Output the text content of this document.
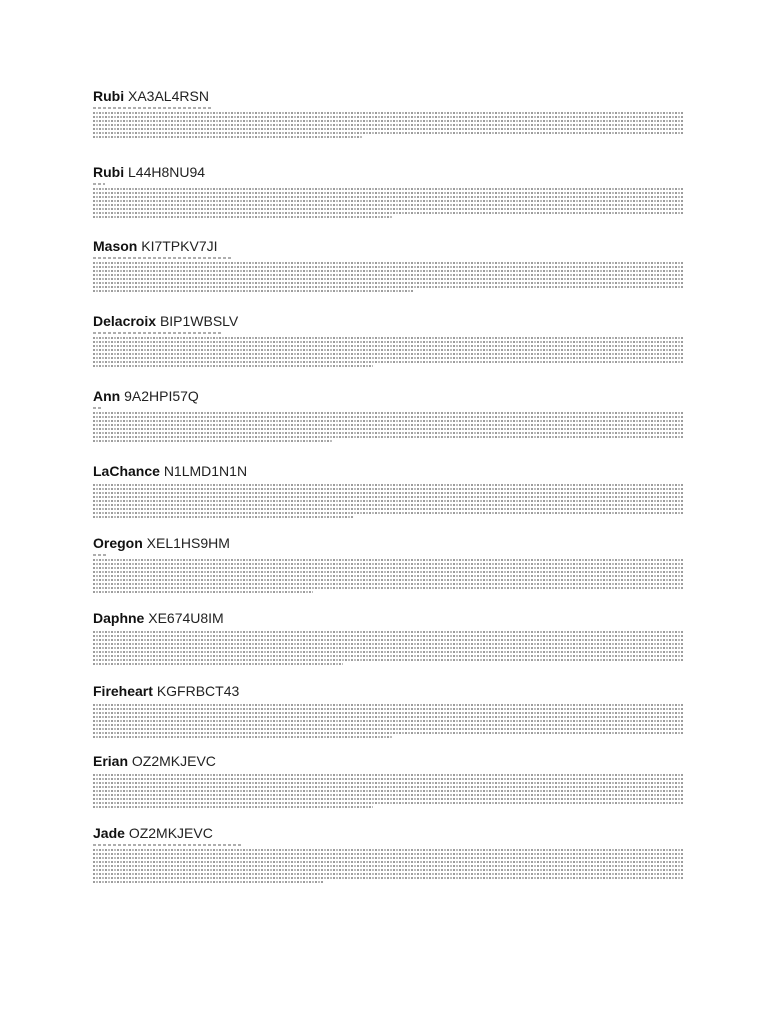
Rubi XA3AL4RSN
Rubi L44H8NU94
Mason KI7TPKV7JI
Delacroix BIP1WBSLV
Ann 9A2HPI57Q
LaChance N1LMD1N1N
Oregon XEL1HS9HM
Daphne XE674U8IM
Fireheart KGFRBCT43
Erian OZ2MKJEVC
Jade OZ2MKJEVC
